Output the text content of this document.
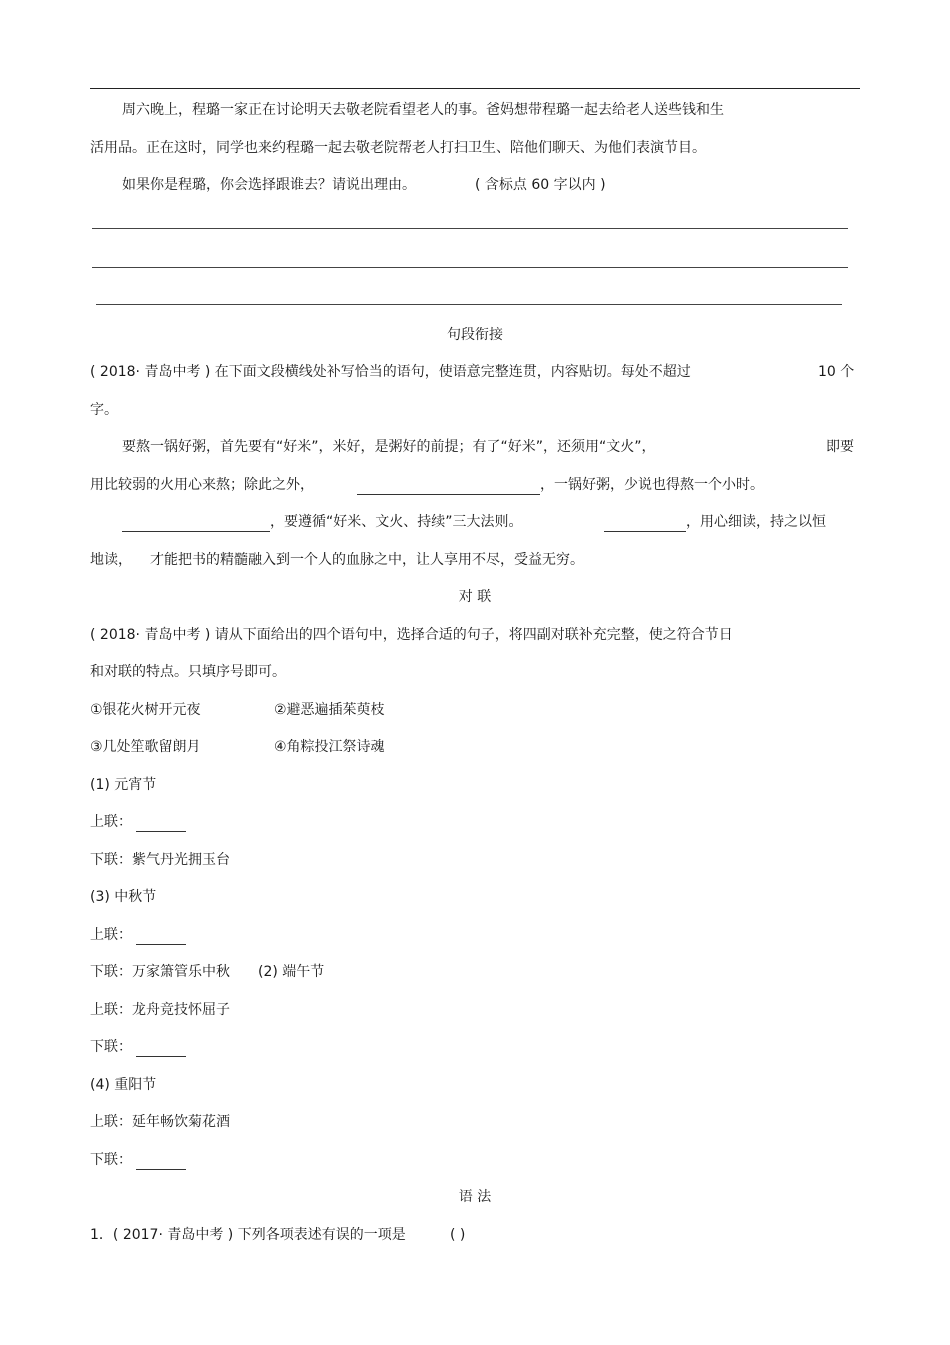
周六晚上，程璐一家正在讨论明天去敬老院看望老人的事。爸妈想带程璐一起去给老人送些钱和生
活用品。正在这时，同学也来约程璐一起去敬老院帮老人打扫卫生、陪他们聊天、为他们表演节目。
如果你是程璐，你会选择跟谁去？请说出理由。	( 含标点 60 字以内 )
句段衔接
( 2018· 青岛中考 ) 在下面文段横线处补写恰当的语句，使语意完整连贯，内容贴切。每处不超过	10 个
字。
要熬一锅好粥，首先要有“好米”，米好，是粥好的前提；有了“好米”，还须用“文火”，	即要
用比较弱的火用心来熬；除此之外，	，一锅好粥，少说也得熬一个小时。
，要遵循“好米、文火、持续”三大法则。	，用心细读，持之以恒
地读， 才能把书的精髓融入到一个人的血脉之中，让人享用不尽，受益无穷。
对 联
( 2018· 青岛中考 ) 请从下面给出的四个语句中，选择合适的句子，将四副对联补充完整，使之符合节日
和对联的特点。只填序号即可。
①银花火树开元夜	②避恶遍插茱萸枝
③几处笙歌留朗月	④角粽投江祭诗魂
(1) 元宵节
上联：
下联：紫气丹光拥玉台
(3) 中秋节
上联：
下联：万家箫管乐中秋 (2) 端午节
上联：龙舟竞技怀屈子
下联：
(4) 重阳节
上联：延年畅饮菊花酒
下联：
语 法
1．( 2017· 青岛中考 ) 下列各项表述有误的一项是	( )
